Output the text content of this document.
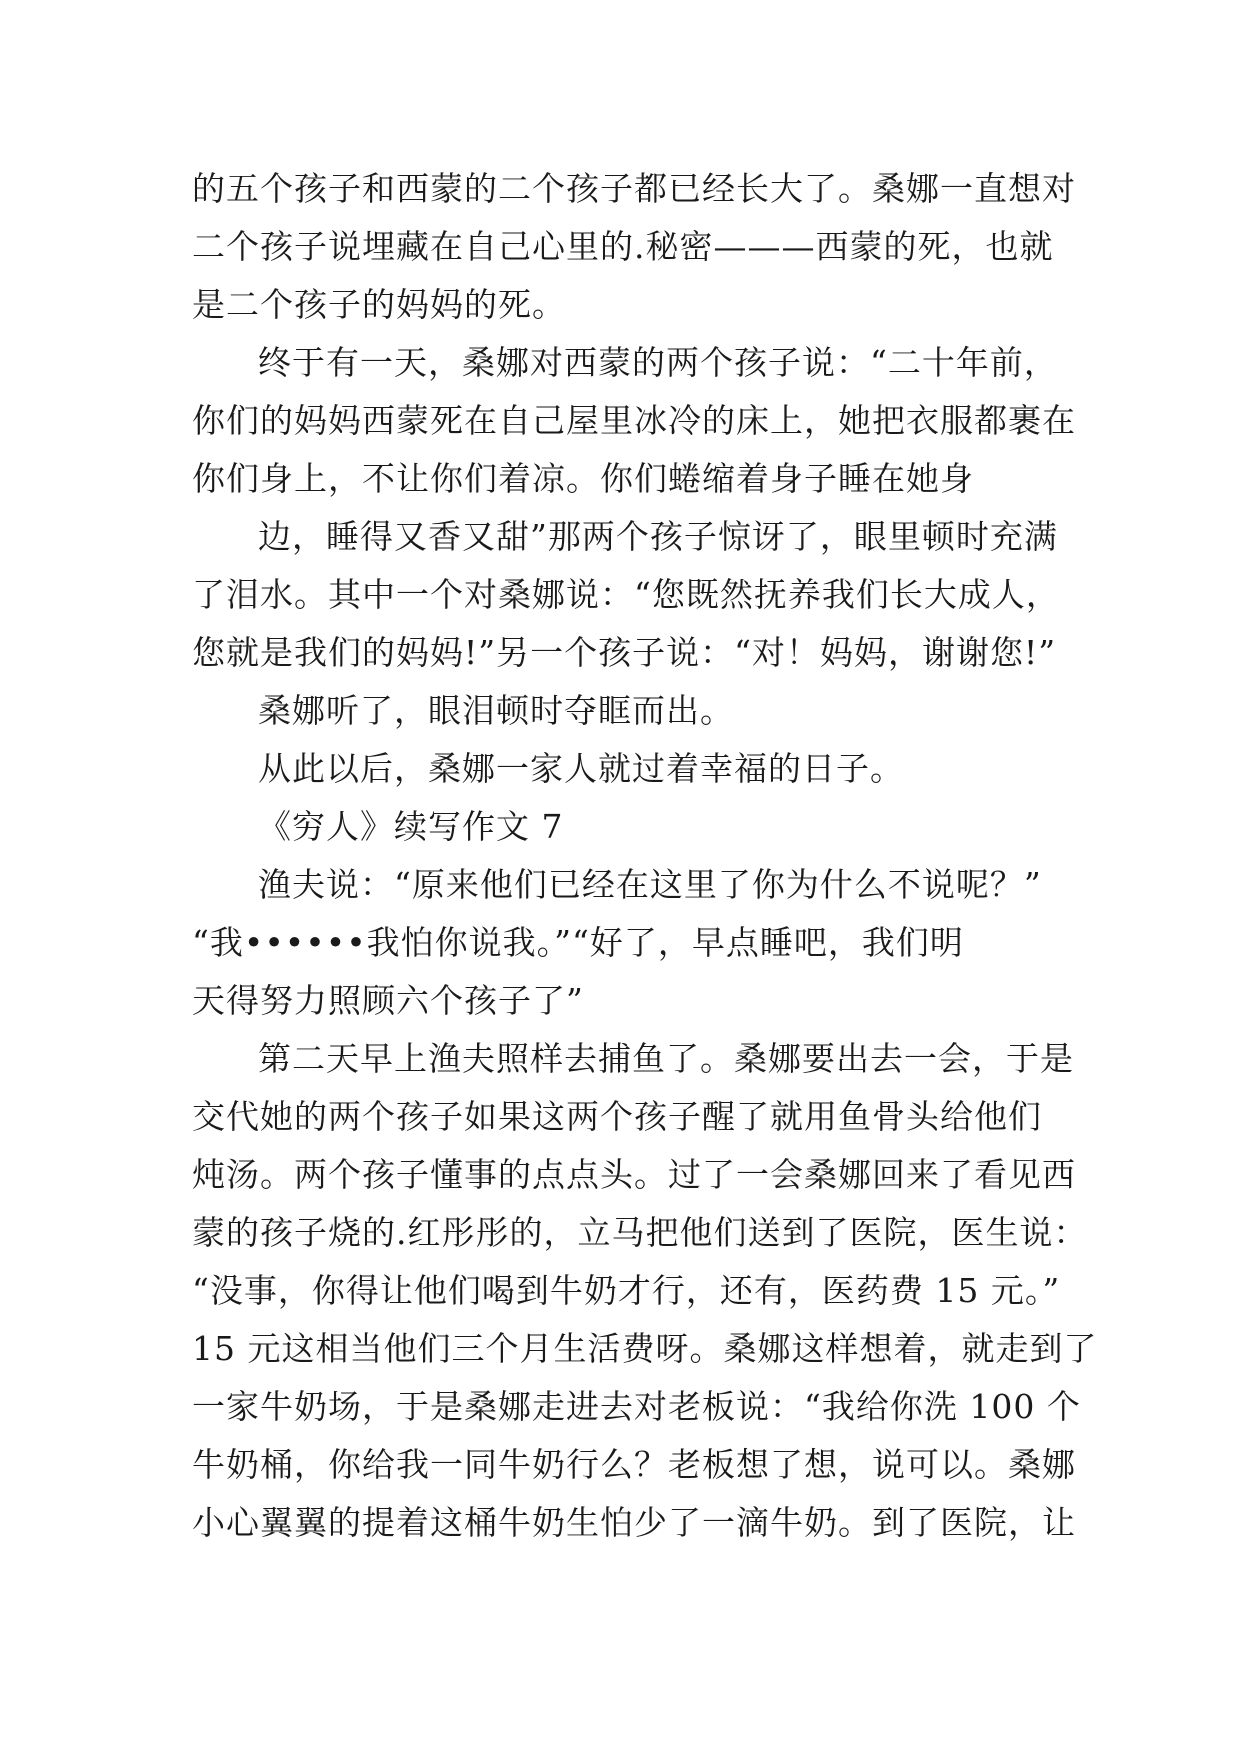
的五个孩子和西蒙的二个孩子都已经长大了。桑娜一直想对
二个孩子说埋藏在自己心里的.秘密———西蒙的死，也就
是二个孩子的妈妈的死。
终于有一天，桑娜对西蒙的两个孩子说：“二十年前，
你们的妈妈西蒙死在自己屋里冰冷的床上，她把衣服都裹在
你们身上，不让你们着凉。你们蜷缩着身子睡在她身
边，睡得又香又甜”那两个孩子惊讶了，眼里顿时充满
了泪水。其中一个对桑娜说：“您既然抚养我们长大成人，
您就是我们的妈妈!”另一个孩子说：“对！妈妈，谢谢您!”
桑娜听了，眼泪顿时夺眶而出。
从此以后，桑娜一家人就过着幸福的日子。
《穷人》续写作文 7
渔夫说：“原来他们已经在这里了你为什么不说呢？”
“我••••••我怕你说我。”“好了，早点睡吧，我们明
天得努力照顾六个孩子了”
第二天早上渔夫照样去捕鱼了。桑娜要出去一会，于是
交代她的两个孩子如果这两个孩子醒了就用鱼骨头给他们
炖汤。两个孩子懂事的点点头。过了一会桑娜回来了看见西
蒙的孩子烧的.红彤彤的，立马把他们送到了医院，医生说：
“没事，你得让他们喝到牛奶才行，还有，医药费 15 元。”
15 元这相当他们三个月生活费呀。桑娜这样想着，就走到了
一家牛奶场，于是桑娜走进去对老板说：“我给你洗 100 个
牛奶桶，你给我一同牛奶行么？老板想了想，说可以。桑娜
小心翼翼的提着这桶牛奶生怕少了一滴牛奶。到了医院，让
